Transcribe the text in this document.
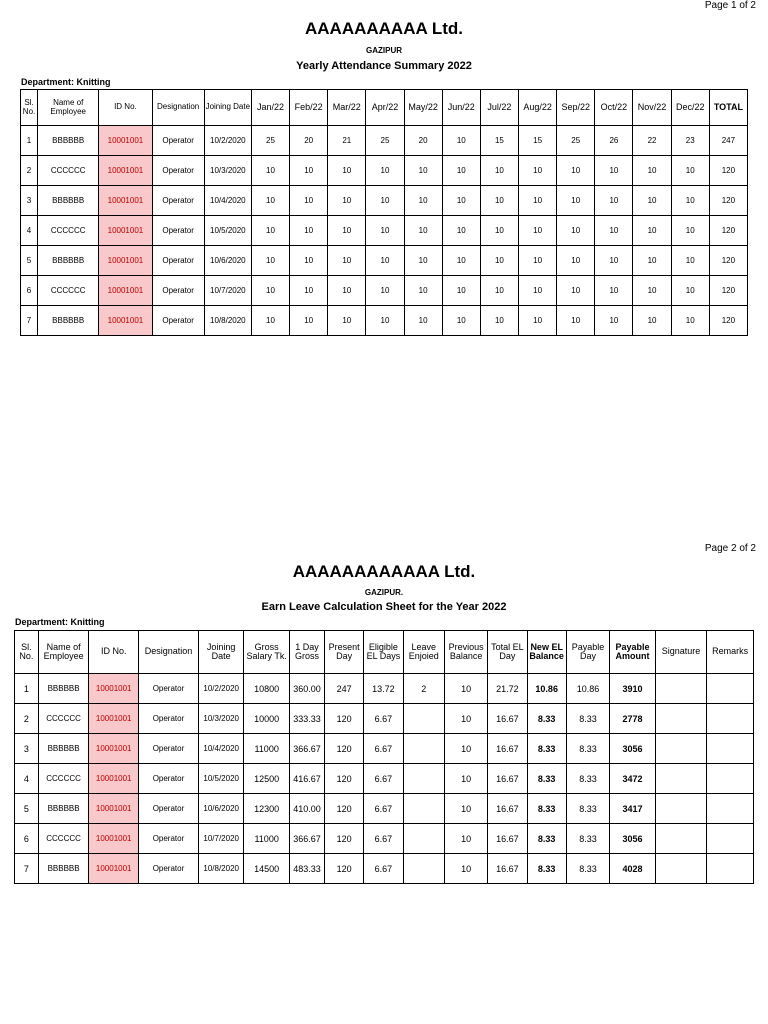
Page 1 of 2
AAAAAAAAAA Ltd.
GAZIPUR
Yearly Attendance Summary 2022
Department: Knitting
Sl. No.	Name of Employee	ID No.	Designation	Joining Date	Jan/22	Feb/22	Mar/22	Apr/22	May/22	Jun/22	Jul/22	Aug/22	Sep/22	Oct/22	Nov/22	Dec/22	TOTAL
1	BBBBBB	10001001	Operator	10/2/2020	25	20	21	25	20	10	15	15	25	26	22	23	247
2	CCCCCC	10001001	Operator	10/3/2020	10	10	10	10	10	10	10	10	10	10	10	10	120
3	BBBBBB	10001001	Operator	10/4/2020	10	10	10	10	10	10	10	10	10	10	10	10	120
4	CCCCCC	10001001	Operator	10/5/2020	10	10	10	10	10	10	10	10	10	10	10	10	120
5	BBBBBB	10001001	Operator	10/6/2020	10	10	10	10	10	10	10	10	10	10	10	10	120
6	CCCCCC	10001001	Operator	10/7/2020	10	10	10	10	10	10	10	10	10	10	10	10	120
7	BBBBBB	10001001	Operator	10/8/2020	10	10	10	10	10	10	10	10	10	10	10	10	120
Page 2 of 2
AAAAAAAAAAAA Ltd.
GAZIPUR.
Earn Leave Calculation Sheet for the Year 2022
Department: Knitting
Sl. No.	Name of Employee	ID No.	Designation	Joining Date	Gross Salary Tk.	1 Day Gross	Present Day	Eligible EL Days	Leave Enjoied	Previous Balance	Total EL Day	New EL Balance	Payable Day	Payable Amount	Signature	Remarks
1	BBBBBB	10001001	Operator	10/2/2020	10800	360.00	247	13.72	2	10	21.72	10.86	10.86	3910		
2	CCCCCC	10001001	Operator	10/3/2020	10000	333.33	120	6.67		10	16.67	8.33	8.33	2778		
3	BBBBBB	10001001	Operator	10/4/2020	11000	366.67	120	6.67		10	16.67	8.33	8.33	3056		
4	CCCCCC	10001001	Operator	10/5/2020	12500	416.67	120	6.67		10	16.67	8.33	8.33	3472		
5	BBBBBB	10001001	Operator	10/6/2020	12300	410.00	120	6.67		10	16.67	8.33	8.33	3417		
6	CCCCCC	10001001	Operator	10/7/2020	11000	366.67	120	6.67		10	16.67	8.33	8.33	3056		
7	BBBBBB	10001001	Operator	10/8/2020	14500	483.33	120	6.67		10	16.67	8.33	8.33	4028		
